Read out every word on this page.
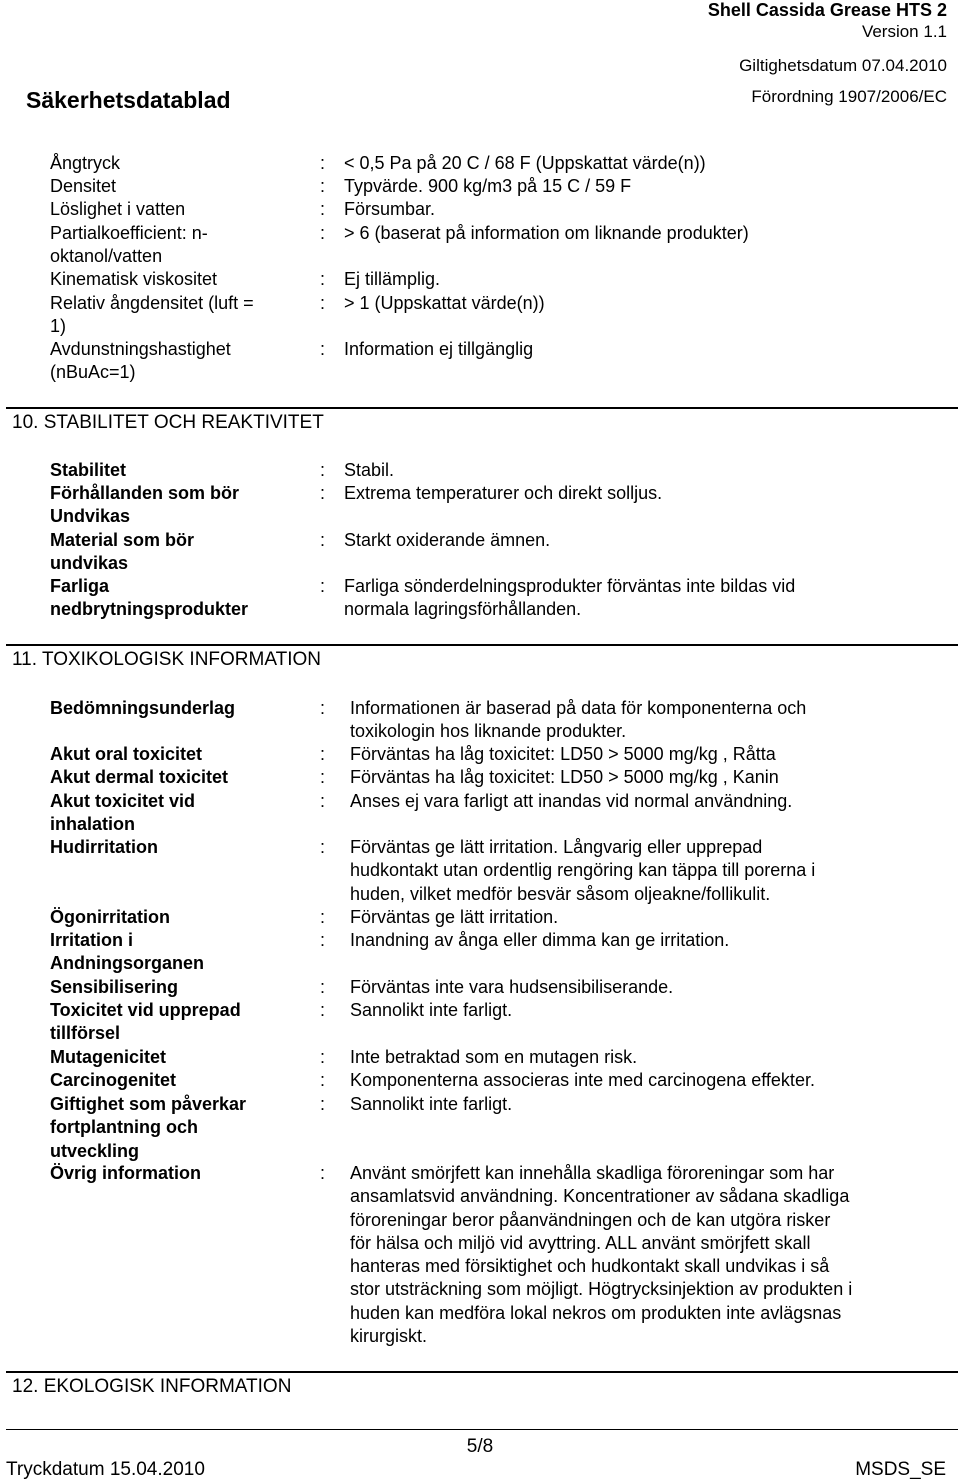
Shell Cassida Grease HTS 2
Version 1.1
Giltighetsdatum 07.04.2010
Säkerhetsdatablad	Förordning 1907/2006/EC
Ångtryck	: < 0,5 Pa på 20 C / 68 F (Uppskattat värde(n))
Densitet	: Typvärde. 900 kg/m3 på 15 C / 59 F
Löslighet i vatten	: Försumbar.
Partialkoefficient: n-
oktanol/vatten
: > 6 (baserat på information om liknande produkter)
Kinematisk viskositet	: Ej tillämplig.
Relativ ångdensitet (luft =
1)
: > 1 (Uppskattat värde(n))
Avdunstningshastighet
(nBuAc=1)
: Information ej tillgänglig
10. STABILITET OCH REAKTIVITET
Stabilitet	: Stabil.
Förhållanden som bör
Undvikas
: Extrema temperaturer och direkt solljus.
Material som bör
undvikas
: Starkt oxiderande ämnen.
Farliga
nedbrytningsprodukter
: Farliga sönderdelningsprodukter förväntas inte bildas vid
normala lagringsförhållanden.
11. TOXIKOLOGISK INFORMATION
Bedömningsunderlag	: Informationen är baserad på data för komponenterna och
toxikologin hos liknande produkter.
Akut oral toxicitet	: Förväntas ha låg toxicitet: LD50 > 5000 mg/kg , Råtta
Akut dermal toxicitet	: Förväntas ha låg toxicitet: LD50 > 5000 mg/kg , Kanin
Akut toxicitet vid
inhalation
: Anses ej vara farligt att inandas vid normal användning.
Hudirritation	: Förväntas ge lätt irritation. Långvarig eller upprepad
hudkontakt utan ordentlig rengöring kan täppa till porerna i
huden, vilket medför besvär såsom oljeakne/follikulit.
Ögonirritation	: Förväntas ge lätt irritation.
Irritation i
Andningsorganen
: Inandning av ånga eller dimma kan ge irritation.
Sensibilisering	: Förväntas inte vara hudsensibiliserande.
Toxicitet vid upprepad
tillförsel
: Sannolikt inte farligt.
Mutagenicitet	: Inte betraktad som en mutagen risk.
Carcinogenitet	: Komponenterna associeras inte med carcinogena effekter.
Giftighet som påverkar
fortplantning och
utveckling
: Sannolikt inte farligt.
Övrig information	: Använt smörjfett kan innehålla skadliga föroreningar som har
ansamlatsvid användning. Koncentrationer av sådana skadliga
föroreningar beror påanvändningen och de kan utgöra risker
för hälsa och miljö vid avyttring. ALL använt smörjfett skall
hanteras med försiktighet och hudkontakt skall undvikas i så
stor utsträckning som möjligt. Högtrycksinjektion av produkten i
huden kan medföra lokal nekros om produkten inte avlägsnas
kirurgiskt.
12. EKOLOGISK INFORMATION
5/8
Tryckdatum 15.04.2010	MSDS_SE
